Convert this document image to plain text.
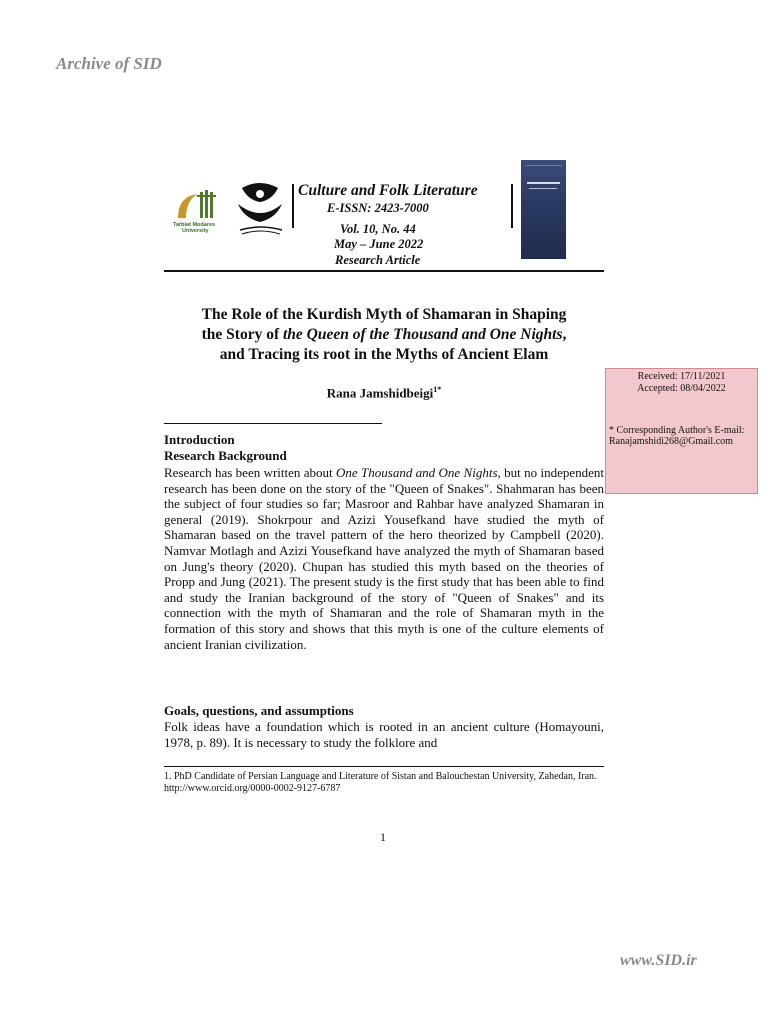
Archive of SID
Tarbiat Modares
University
Culture and Folk Literature
E-ISSN: 2423-7000
Vol. 10, No. 44
May – June 2022
Research Article
The Role of the Kurdish Myth of Shamaran in Shaping
the Story of the Queen of the Thousand and One Nights,
and Tracing its root in the Myths of Ancient Elam
Rana Jamshidbeigi$^{1*}$
Received: 17/11/2021
Accepted: 08/04/2022
* Corresponding Author's E-mail:
Ranajamshidi268@Gmail.com
Introduction
Research Background
Research has been written about One Thousand and One Nights, but no independent research has been done on the story of the "Queen of Snakes". Shahmaran has been the subject of four studies so far; Masroor and Rahbar have analyzed Shamaran in general (2019). Shokrpour and Azizi Yousefkand have studied the myth of Shamaran based on the travel pattern of the hero theorized by Campbell (2020). Namvar Motlagh and Azizi Yousefkand have analyzed the myth of Shamaran based on Jung's theory (2020). Chupan has studied this myth based on the theories of Propp and Jung (2021). The present study is the first study that has been able to find and study the Iranian background of the story of "Queen of Snakes" and its connection with the myth of Shamaran and the role of Shamaran myth in the formation of this story and shows that this myth is one of the culture elements of ancient Iranian civilization.
Goals, questions, and assumptions
Folk ideas have a foundation which is rooted in an ancient culture (Homayouni, 1978, p. 89). It is necessary to study the folklore and
1. PhD Candidate of Persian Language and Literature of Sistan and Balouchestan University, Zahedan, Iran.
http://www.orcid.org/0000-0002-9127-6787
1
www.SID.ir
